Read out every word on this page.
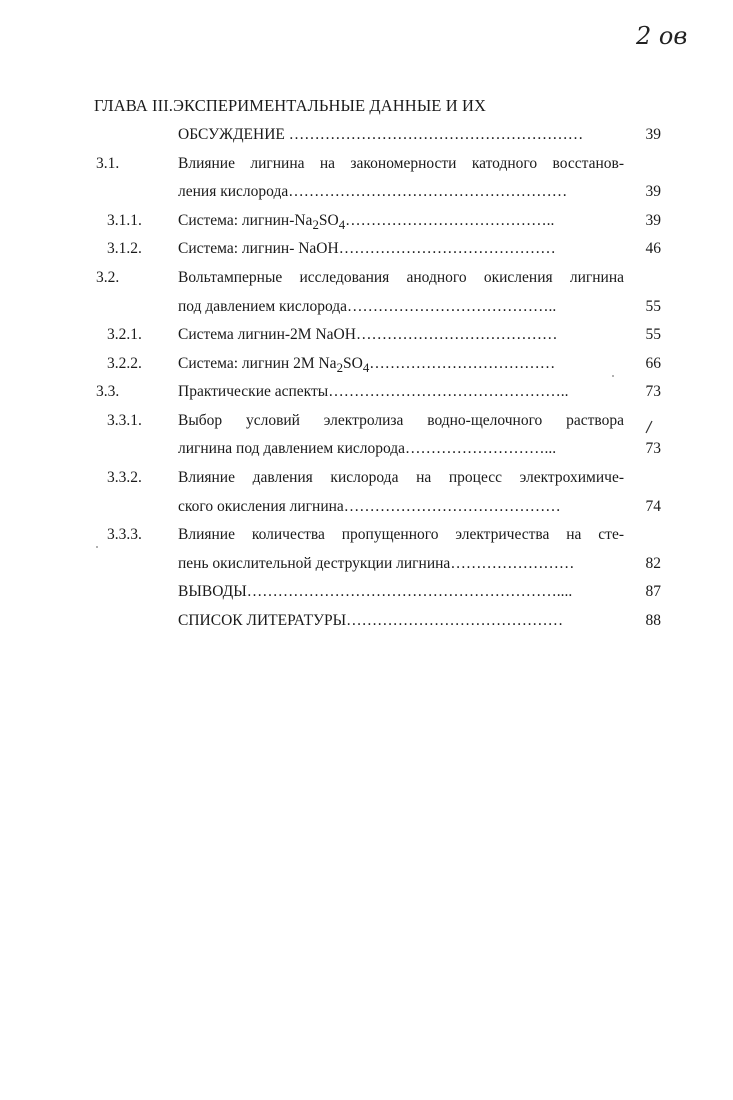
2 ов
ГЛАВА III.ЭКСПЕРИМЕНТАЛЬНЫЕ ДАННЫЕ И ИХ
ОБСУЖДЕНИЕ …………………………………………………	39
3.1.	Влияние лигнина на закономерности катодного восстанов-
ления кислорода………………………………………………	39
3.1.1. Система: лигнин-$Na_2SO_4\dots\dots\dots\dots\dots\dots\dots\dots\dots\dots\dots\dots\dots$..	39
3.1.2. Система: лигнин- NaOH……………………………………	46
3.2.	Вольтамперные исследования анодного окисления лигнина
под давлением кислорода…………………………………..	55
3.2.1. Система лигнин-2М NaOH…………………………………	55
3.2.2. Система: лигнин 2M $Na_2SO_4\dots\dots\dots\dots\dots\dots\dots\dots\dots\dots\dots\dots$	66
3.3.	Практические аспекты………………………………………..	73
3.3.1. Выбор условий электролиза водно-щелочного раствора
лигнина под давлением кислорода………………………...	73
3.3.2. Влияние давления кислорода на процесс электрохимиче-
ского окисления лигнина……………………………………	74
3.3.3. Влияние количества пропущенного электричества на сте-
пень окислительной деструкции лигнина……………………	82
ВЫВОДЫ……………………………………………………....	87
СПИСОК ЛИТЕРАТУРЫ……………………………………	88
